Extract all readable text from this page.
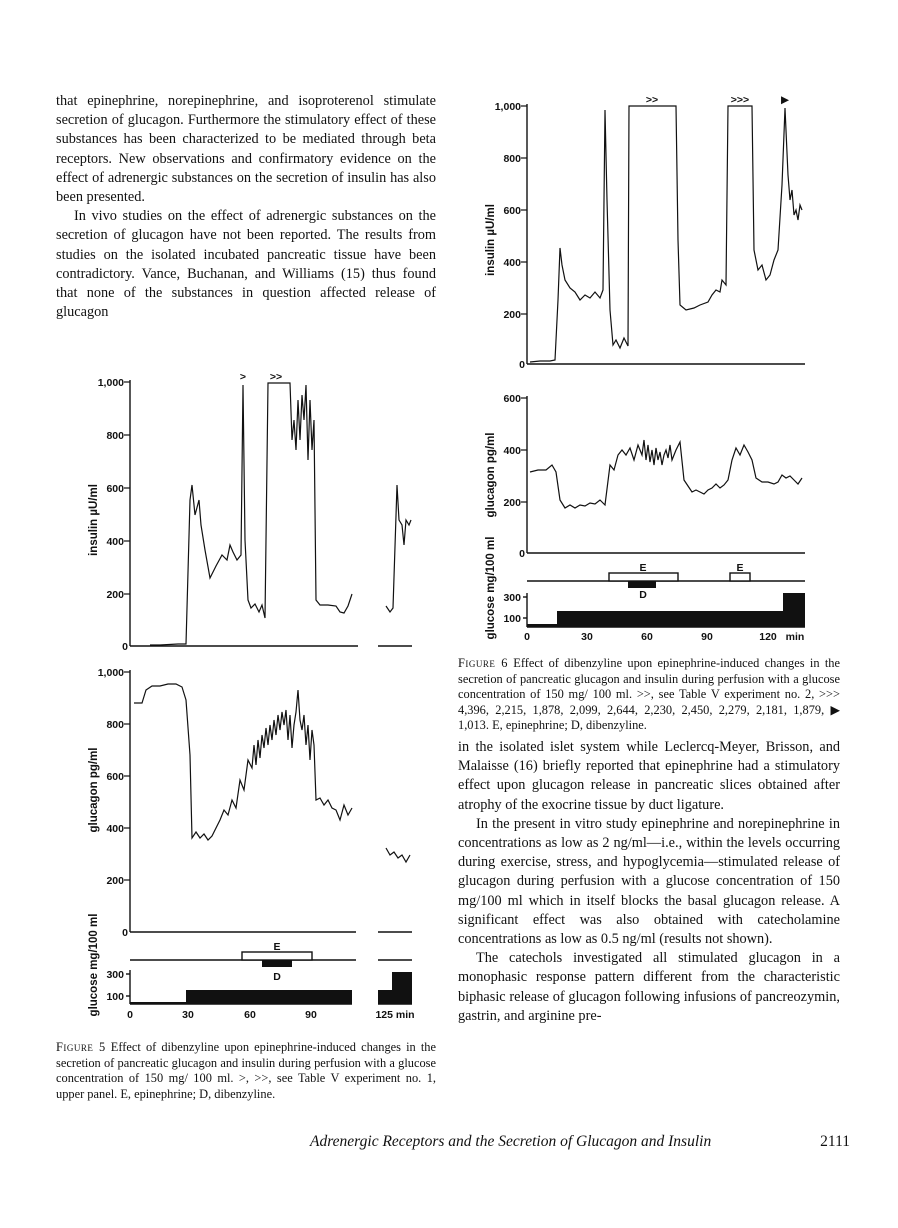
that epinephrine, norepinephrine, and isoproterenol stimulate secretion of glucagon. Furthermore the stimulatory effect of these substances has been characterized to be mediated through beta receptors. New observations and confirmatory evidence on the effect of adrenergic substances on the secretion of insulin has also been presented.

In vivo studies on the effect of adrenergic substances on the secretion of glucagon have not been reported. The results from studies on the isolated incubated pancreatic tissue have been contradictory. Vance, Buchanan, and Williams (15) thus found that none of the substances in question affected release of glucagon

in the isolated islet system while Leclercq-Meyer, Brisson, and Malaisse (16) briefly reported that epinephrine had a stimulatory effect upon glucagon release in pancreatic slices obtained after atrophy of the exocrine tissue by duct ligature.

In the present in vitro study epinephrine and norepinephrine in concentrations as low as 2 ng/ml—i.e., within the levels occurring during exercise, stress, and hypoglycemia—stimulated release of glucagon during perfusion with a glucose concentration of 150 mg/100 ml which in itself blocks the basal glucagon release. A significant effect was also obtained with catecholamine concentrations as low as 0.5 ng/ml (results not shown).

The catechols investigated all stimulated glucagon in a monophasic response pattern different from the characteristic biphasic release of glucagon following infusions of pancreozymin, gastrin, and arginine pre-

1,000
800
600
400
200
0
1,000
800
600
400
200
0
300
100
0	30	60	90	125 min
> >>
E
D
insulin µU/ml
glucagon pg/ml
glucose mg/100 ml
Figure 5 Effect of dibenzyline upon epinephrine-induced changes in the secretion of pancreatic glucagon and insulin during perfusion with a glucose concentration of 150 mg/ 100 ml. >, >>, see Table V experiment no. 1, upper panel. E, epinephrine; D, dibenzyline.
1,000
800
600
400
200
0
600
400
200
0
300
100
0	30	60	90	120 min
>>	>>>	▶
E	E
D
insulin µU/ml
glucagon pg/ml
glucose mg/100 ml
Figure 6 Effect of dibenzyline upon epinephrine-induced changes in the secretion of pancreatic glucagon and insulin during perfusion with a glucose concentration of 150 mg/ 100 ml. >>, see Table V experiment no. 2, >>> 4,396, 2,215, 1,878, 2,099, 2,644, 2,230, 2,450, 2,279, 2,181, 1,879, ▶ 1,013. E, epinephrine; D, dibenzyline.
Adrenergic Receptors and the Secretion of Glucagon and Insulin	2111
